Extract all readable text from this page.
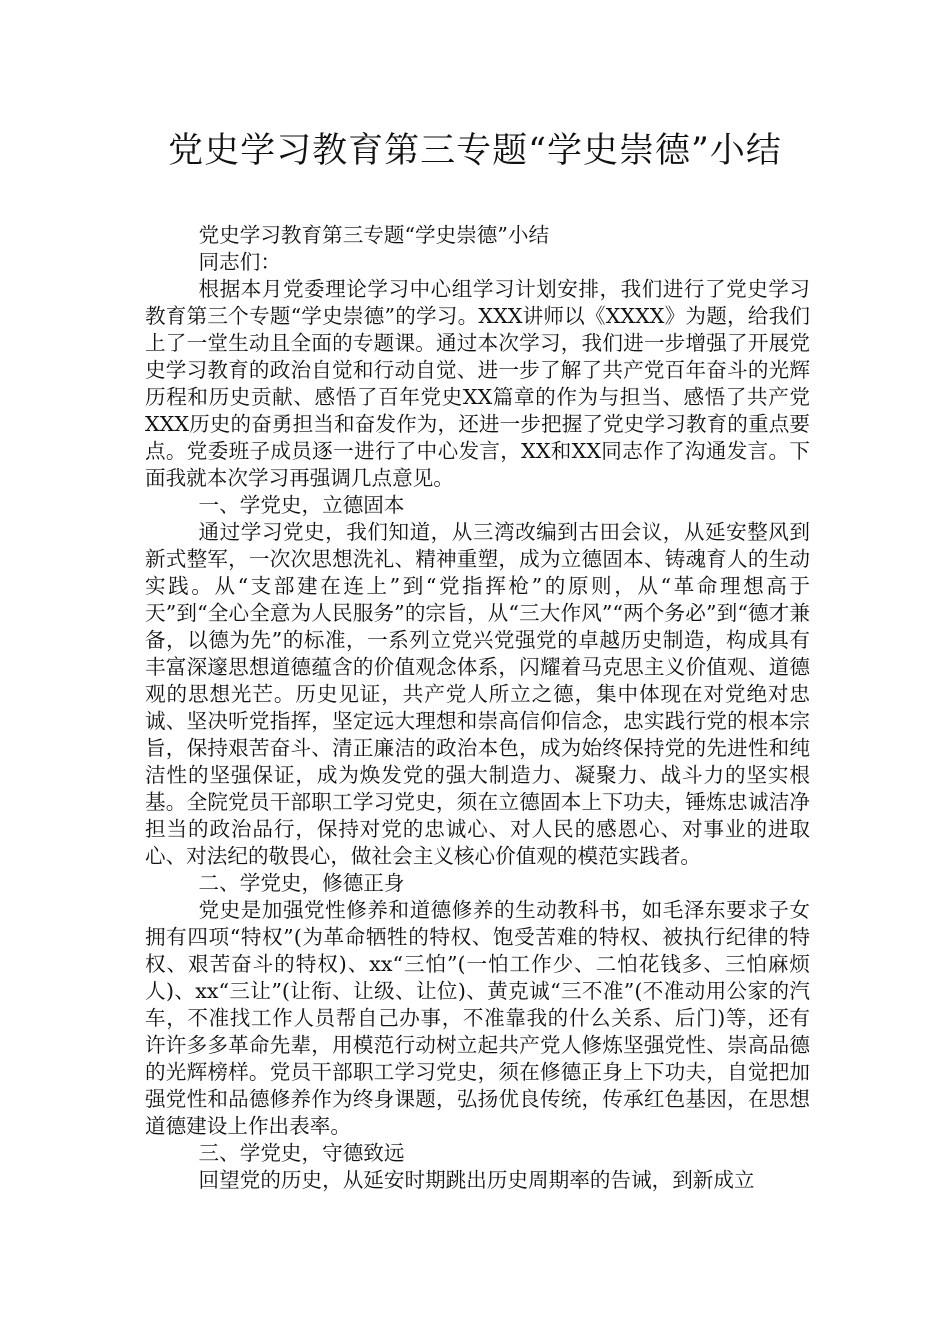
党史学习教育第三专题“学史崇德”小结

党史学习教育第三专题“学史崇德”小结

同志们：

根据本月党委理论学习中心组学习计划安排，我们进行了党史学习教育第三个专题“学史崇德”的学习。XXX讲师以《XXXX》为题，给我们上了一堂生动且全面的专题课。通过本次学习，我们进一步增强了开展党史学习教育的政治自觉和行动自觉、进一步了解了共产党百年奋斗的光辉历程和历史贡献、感悟了百年党史XX篇章的作为与担当、感悟了共产党XXX历史的奋勇担当和奋发作为，还进一步把握了党史学习教育的重点要点。党委班子成员逐一进行了中心发言，XX和XX同志作了沟通发言。下面我就本次学习再强调几点意见。

一、学党史，立德固本

通过学习党史，我们知道，从三湾改编到古田会议，从延安整风到新式整军，一次次思想洗礼、精神重塑，成为立德固本、铸魂育人的生动实践。从“支部建在连上”到“党指挥枪”的原则，从“革命理想高于天”到“全心全意为人民服务”的宗旨，从“三大作风”“两个务必”到“德才兼备，以德为先”的标准，一系列立党兴党强党的卓越历史制造，构成具有丰富深邃思想道德蕴含的价值观念体系，闪耀着马克思主义价值观、道德观的思想光芒。历史见证，共产党人所立之德，集中体现在对党绝对忠诚、坚决听党指挥，坚定远大理想和崇高信仰信念，忠实践行党的根本宗旨，保持艰苦奋斗、清正廉洁的政治本色，成为始终保持党的先进性和纯洁性的坚强保证，成为焕发党的强大制造力、凝聚力、战斗力的坚实根基。全院党员干部职工学习党史，须在立德固本上下功夫，锤炼忠诚洁净担当的政治品行，保持对党的忠诚心、对人民的感恩心、对事业的进取心、对法纪的敬畏心，做社会主义核心价值观的模范实践者。

二、学党史，修德正身

党史是加强党性修养和道德修养的生动教科书，如毛泽东要求子女拥有四项“特权”(为革命牺牲的特权、饱受苦难的特权、被执行纪律的特权、艰苦奋斗的特权)、xx“三怕”(一怕工作少、二怕花钱多、三怕麻烦人)、xx“三让”(让衔、让级、让位)、黄克诚“三不准”(不准动用公家的汽车，不准找工作人员帮自己办事，不准靠我的什么关系、后门)等，还有许许多多革命先辈，用模范行动树立起共产党人修炼坚强党性、崇高品德的光辉榜样。党员干部职工学习党史，须在修德正身上下功夫，自觉把加强党性和品德修养作为终身课题，弘扬优良传统，传承红色基因，在思想道德建设上作出表率。

三、学党史，守德致远

回望党的历史，从延安时期跳出历史周期率的告诫，到新成立
